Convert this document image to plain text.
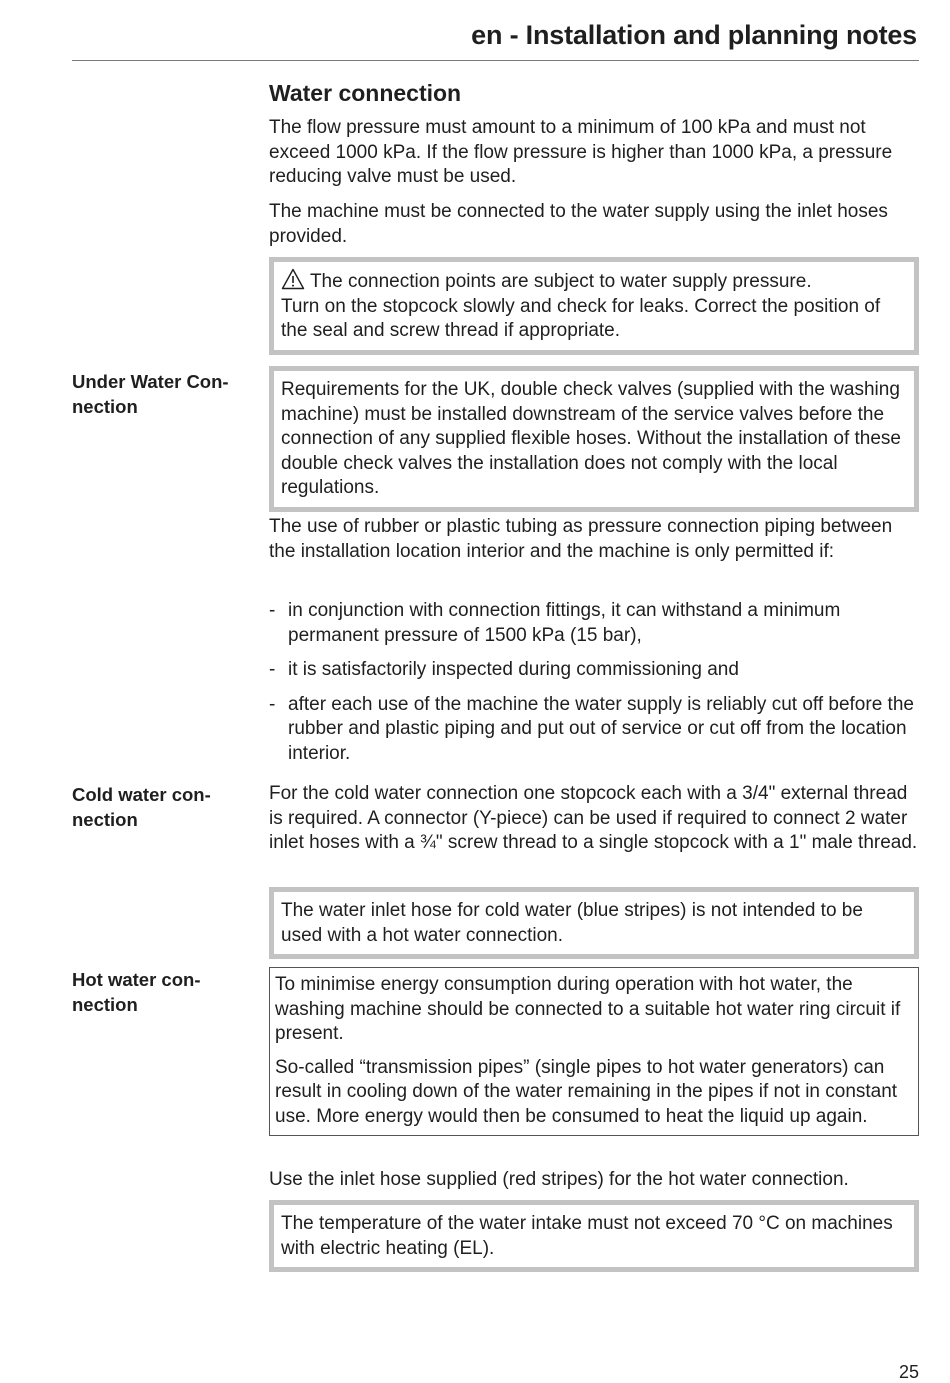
en - Installation and planning notes
Water connection

The flow pressure must amount to a minimum of 100 kPa and must not exceed 1000 kPa. If the flow pressure is higher than 1000 kPa, a pressure reducing valve must be used.

The machine must be connected to the water supply using the inlet hoses provided.

The connection points are subject to water supply pressure.

Turn on the stopcock slowly and check for leaks. Correct the position of the seal and screw thread if appropriate.

Under Water Connection

Requirements for the UK, double check valves (supplied with the washing machine) must be installed downstream of the service valves before the connection of any supplied flexible hoses. Without the installation of these double check valves the installation does not comply with the local regulations.

The use of rubber or plastic tubing as pressure connection piping between the installation location interior and the machine is only permitted if:

- in conjunction with connection fittings, it can withstand a minimum permanent pressure of 1500 kPa (15 bar),
- it is satisfactorily inspected during commissioning and
- after each use of the machine the water supply is reliably cut off before the rubber and plastic piping and put out of service or cut off from the location interior.
Cold water connection

For the cold water connection one stopcock each with a 3/4" external thread is required. A connector (Y-piece) can be used if required to connect 2 water inlet hoses with a ¾" screw thread to a single stopcock with a 1" male thread.

The water inlet hose for cold water (blue stripes) is not intended to be used with a hot water connection.

Hot water connection

To minimise energy consumption during operation with hot water, the washing machine should be connected to a suitable hot water ring circuit if present.

So-called “transmission pipes” (single pipes to hot water generators) can result in cooling down of the water remaining in the pipes if not in constant use. More energy would then be consumed to heat the liquid up again.

Use the inlet hose supplied (red stripes) for the hot water connection.

The temperature of the water intake must not exceed 70 °C on machines with electric heating (EL).

25
